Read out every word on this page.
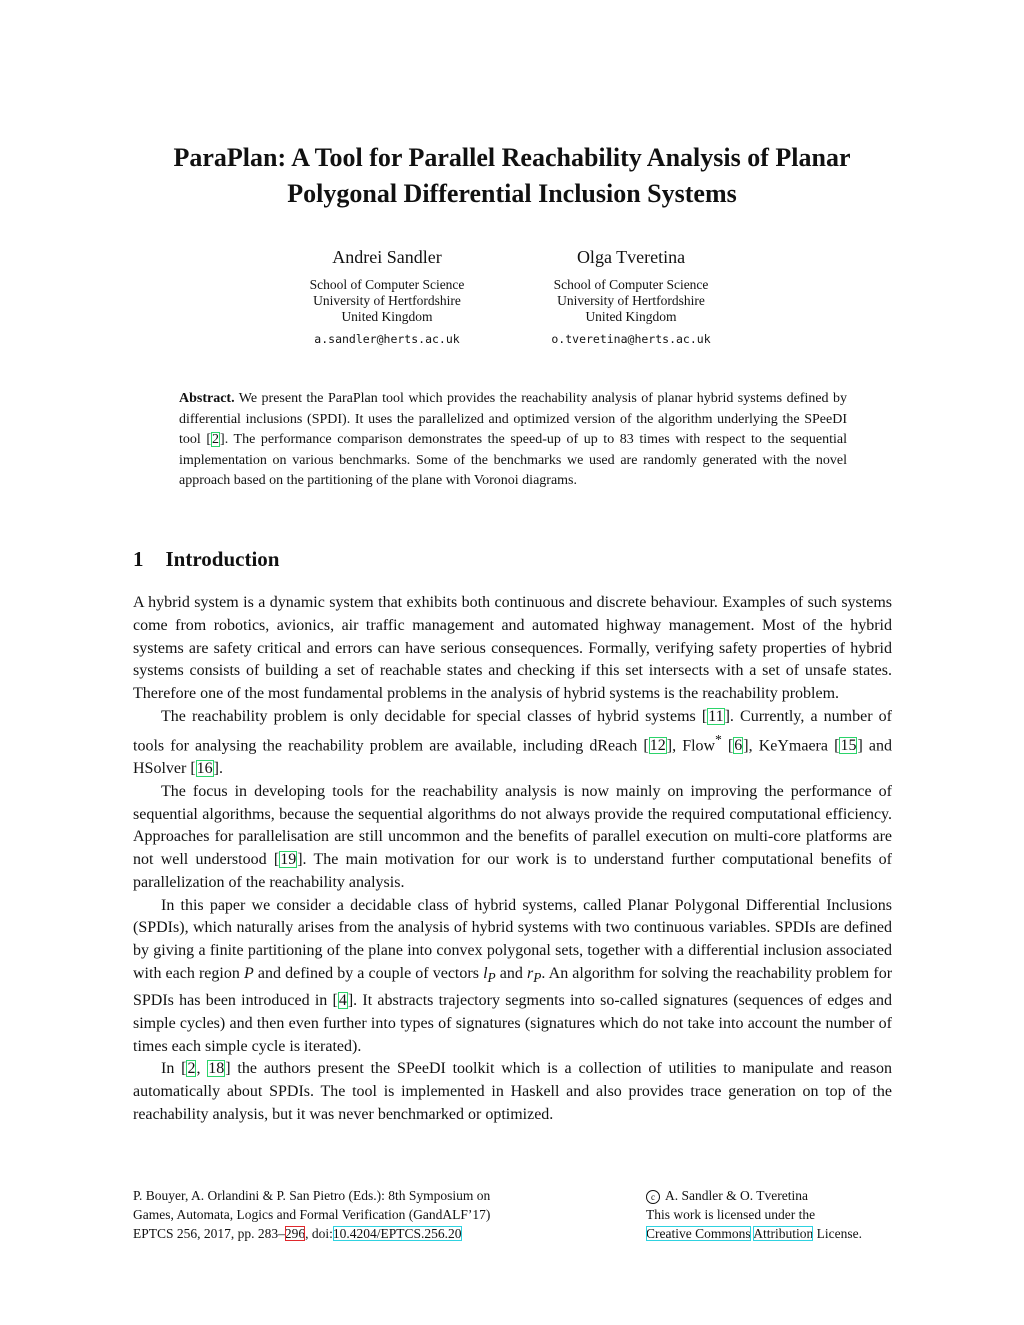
ParaPlan: A Tool for Parallel Reachability Analysis of Planar
Polygonal Differential Inclusion Systems
Andrei Sandler
School of Computer Science
University of Hertfordshire
United Kingdom
a.sandler@herts.ac.uk
Olga Tveretina
School of Computer Science
University of Hertfordshire
United Kingdom
o.tveretina@herts.ac.uk
Abstract. We present the ParaPlan tool which provides the reachability analysis of planar hybrid systems defined by differential inclusions (SPDI). It uses the parallelized and optimized version of the algorithm underlying the SPeeDI tool [2]. The performance comparison demonstrates the speed-up of up to 83 times with respect to the sequential implementation on various benchmarks. Some of the benchmarks we used are randomly generated with the novel approach based on the partitioning of the plane with Voronoi diagrams.
1 Introduction

A hybrid system is a dynamic system that exhibits both continuous and discrete behaviour. Examples of such systems come from robotics, avionics, air traffic management and automated highway management. Most of the hybrid systems are safety critical and errors can have serious consequences. Formally, verifying safety properties of hybrid systems consists of building a set of reachable states and checking if this set intersects with a set of unsafe states. Therefore one of the most fundamental problems in the analysis of hybrid systems is the reachability problem.

The reachability problem is only decidable for special classes of hybrid systems [11]. Currently, a number of tools for analysing the reachability problem are available, including dReach [12], Flow* [6], KeYmaera [15] and HSolver [16].

The focus in developing tools for the reachability analysis is now mainly on improving the performance of sequential algorithms, because the sequential algorithms do not always provide the required computational efficiency. Approaches for parallelisation are still uncommon and the benefits of parallel execution on multi-core platforms are not well understood [19]. The main motivation for our work is to understand further computational benefits of parallelization of the reachability analysis.

In this paper we consider a decidable class of hybrid systems, called Planar Polygonal Differential Inclusions (SPDIs), which naturally arises from the analysis of hybrid systems with two continuous variables. SPDIs are defined by giving a finite partitioning of the plane into convex polygonal sets, together with a differential inclusion associated with each region P and defined by a couple of vectors $l_P$ and $r_P$. An algorithm for solving the reachability problem for SPDIs has been introduced in [4]. It abstracts trajectory segments into so-called signatures (sequences of edges and simple cycles) and then even further into types of signatures (signatures which do not take into account the number of times each simple cycle is iterated).

In [2, 18] the authors present the SPeeDI toolkit which is a collection of utilities to manipulate and reason automatically about SPDIs. The tool is implemented in Haskell and also provides trace generation on top of the reachability analysis, but it was never benchmarked or optimized.

P. Bouyer, A. Orlandini & P. San Pietro (Eds.): 8th Symposium on
Games, Automata, Logics and Formal Verification (GandALF’17)
EPTCS 256, 2017, pp. 283–296, doi:10.4204/EPTCS.256.20
c A. Sandler & O. Tveretina
This work is licensed under the
Creative Commons Attribution License.
